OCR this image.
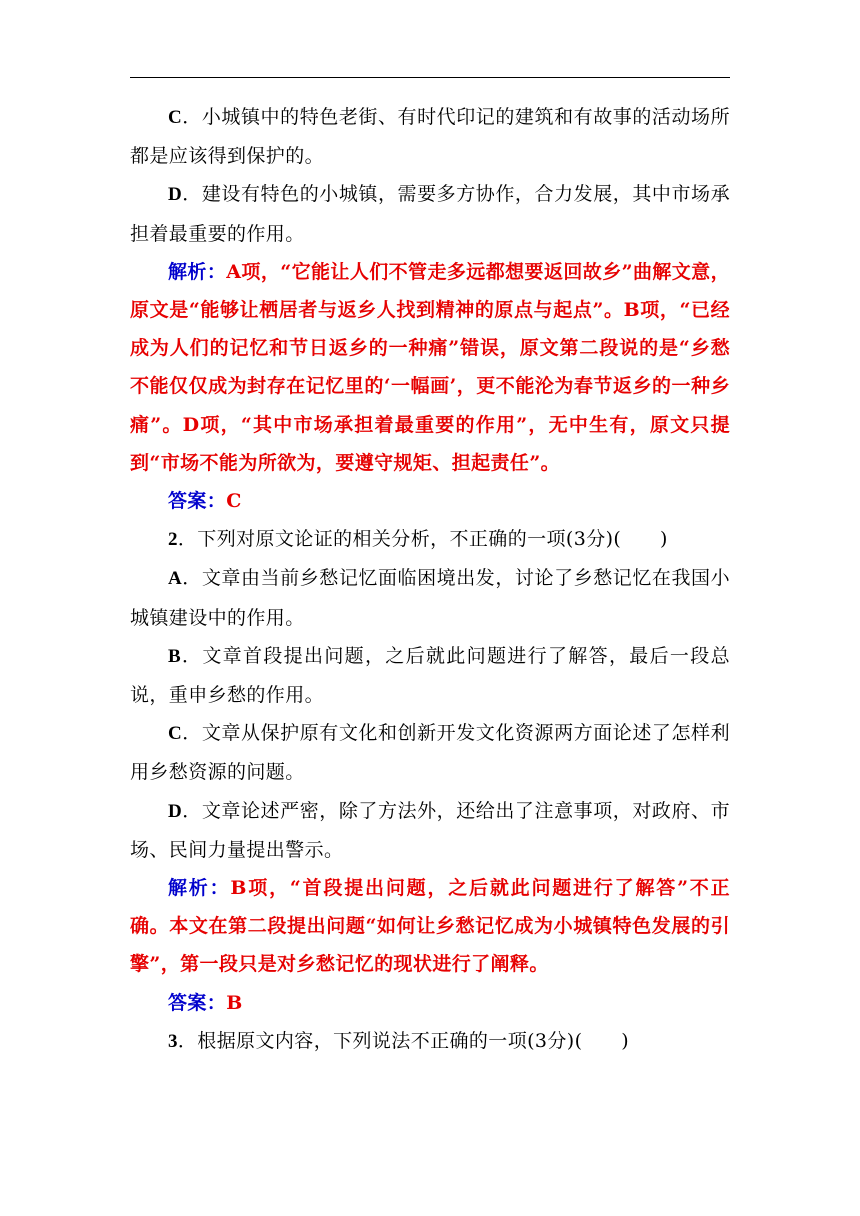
C．小城镇中的特色老街、有时代印记的建筑和有故事的活动场所都是应该得到保护的。

D．建设有特色的小城镇，需要多方协作，合力发展，其中市场承担着最重要的作用。

解析：A项，“它能让人们不管走多远都想要返回故乡”曲解文意，原文是“能够让栖居者与返乡人找到精神的原点与起点”。B项，“已经成为人们的记忆和节日返乡的一种痛”错误，原文第二段说的是“乡愁不能仅仅成为封存在记忆里的‘一幅画’，更不能沦为春节返乡的一种乡痛”。D项，“其中市场承担着最重要的作用”，无中生有，原文只提到“市场不能为所欲为，要遵守规矩、担起责任”。

答案：C

2．下列对原文论证的相关分析，不正确的一项(3分)(　　)

A．文章由当前乡愁记忆面临困境出发，讨论了乡愁记忆在我国小城镇建设中的作用。

B．文章首段提出问题，之后就此问题进行了解答，最后一段总说，重申乡愁的作用。

C．文章从保护原有文化和创新开发文化资源两方面论述了怎样利用乡愁资源的问题。

D．文章论述严密，除了方法外，还给出了注意事项，对政府、市场、民间力量提出警示。

解析：B项，“首段提出问题，之后就此问题进行了解答”不正确。本文在第二段提出问题“如何让乡愁记忆成为小城镇特色发展的引擎”，第一段只是对乡愁记忆的现状进行了阐释。

答案：B

3．根据原文内容，下列说法不正确的一项(3分)(　　)
